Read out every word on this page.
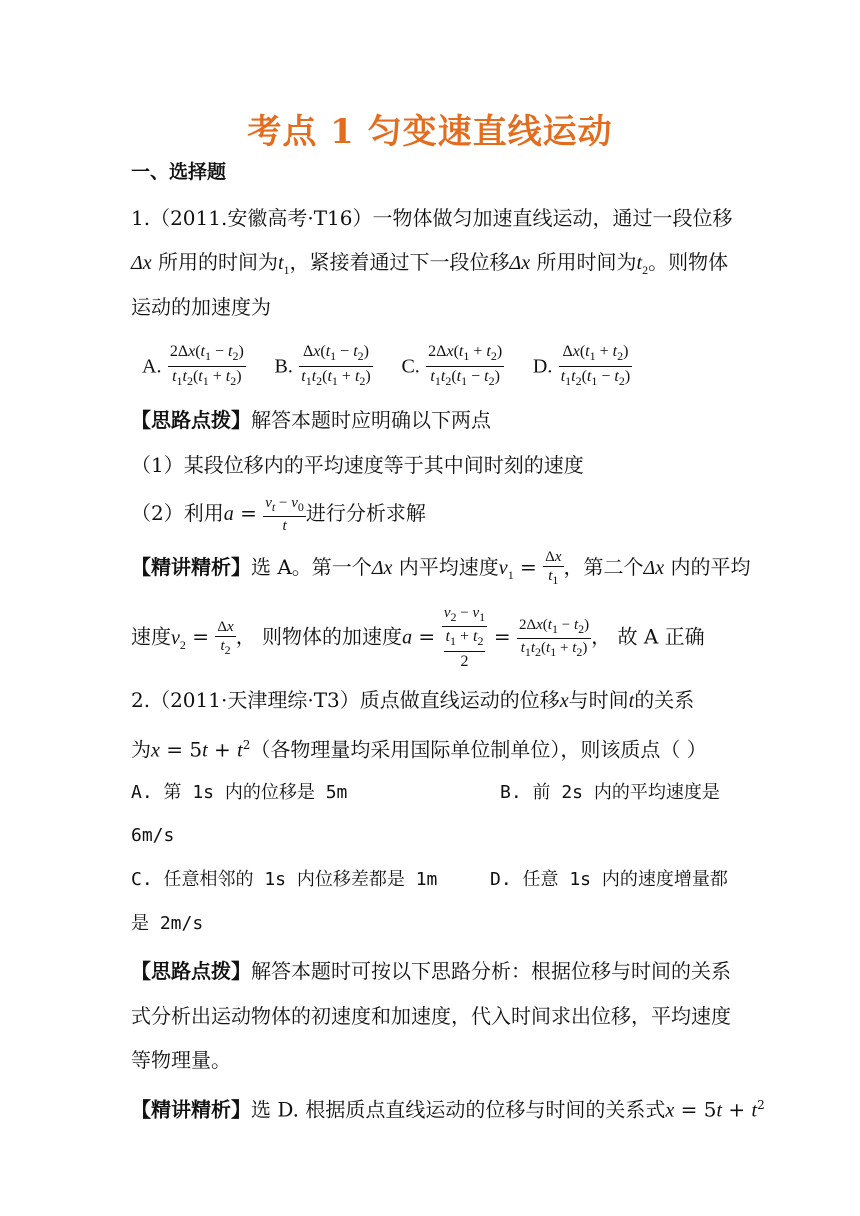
考点 1 匀变速直线运动
一、选择题
1.（2011.安徽高考·T16）一物体做匀加速直线运动，通过一段位移
Δx 所用的时间为$t_1$，紧接着通过下一段位移Δx 所用时间为$t_2$。则物体
运动的加速度为
A. $\frac{2\Delta x(t_1 - t_2)}{t_1t_2(t_1 + t_2)} B$. $\frac{\Delta x(t_1 - t_2)}{t_1t_2(t_1 + t_2)} C$. $\frac{2\Delta x(t_1 + t_2)}{t_1t_2(t_1 - t_2)} D$. $\frac{\Delta x(t_1 + t_2)}{t_1t_2(t_1 - t_2)}$
【思路点拨】解答本题时应明确以下两点
（1）某段位移内的平均速度等于其中间时刻的速度
（2）利用$a = \frac{v_t - v_0}{t}$ 进行分析求解
【精讲精析】选 A。第一个Δx 内平均速度$v_1 = \frac{\Delta x}{t_1}$ ，第二个Δx 内的平均
速度$v_2 = \frac{\Delta x}{t_2}$ ， 则物体的加速度$a = \frac{v_2 - v_1}{\frac{t_1 + t_2}{2}} = \frac{2\Delta x(t_1 - t_2)}{t_1t_2(t_1 + t_2)}$ ， 故 A 正确
2.（2011·天津理综·T3）质点做直线运动的位移x与时间t的关系
为$x = 5t + t^2$（各物理量均采用国际单位制单位），则该质点（ ）
A. 第 1s 内的位移是 5m	B. 前 2s 内的平均速度是
6m/s
C. 任意相邻的 1s 内位移差都是 1m	D. 任意 1s 内的速度增量都
是 2m/s
【思路点拨】解答本题时可按以下思路分析：根据位移与时间的关系
式分析出运动物体的初速度和加速度，代入时间求出位移，平均速度
等物理量。
【精讲精析】选 D. 根据质点直线运动的位移与时间的关系式$x = 5t + t^2$
